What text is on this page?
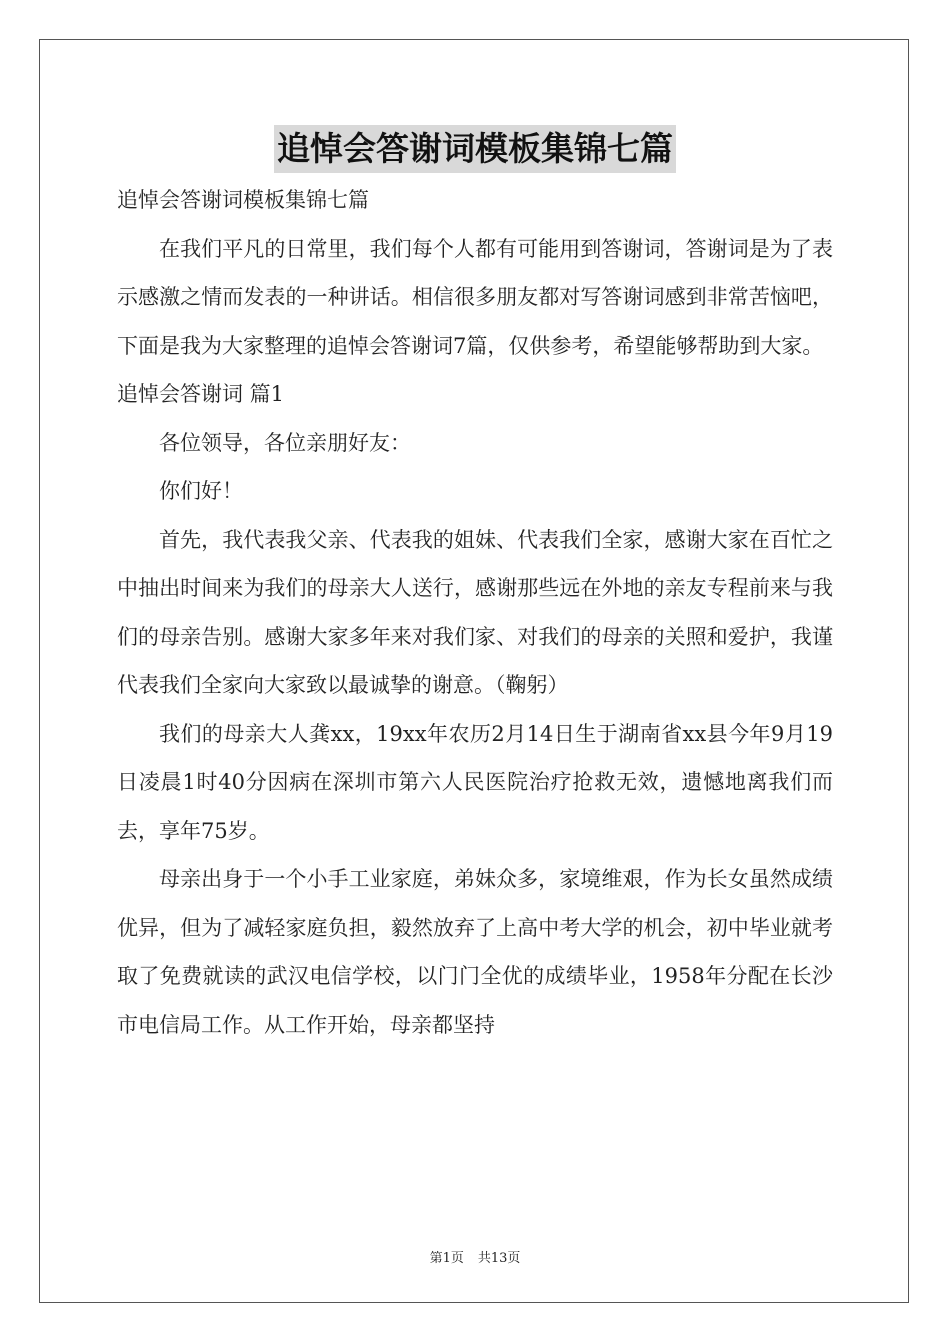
追悼会答谢词模板集锦七篇

追悼会答谢词模板集锦七篇

在我们平凡的日常里，我们每个人都有可能用到答谢词，答谢词是为了表示感激之情而发表的一种讲话。相信很多朋友都对写答谢词感到非常苦恼吧，下面是我为大家整理的追悼会答谢词7篇，仅供参考，希望能够帮助到大家。

追悼会答谢词 篇1

各位领导，各位亲朋好友：

你们好！

首先，我代表我父亲、代表我的姐妹、代表我们全家，感谢大家在百忙之中抽出时间来为我们的母亲大人送行，感谢那些远在外地的亲友专程前来与我们的母亲告别。感谢大家多年来对我们家、对我们的母亲的关照和爱护，我谨代表我们全家向大家致以最诚挚的谢意。（鞠躬）

我们的母亲大人龚xx，19xx年农历2月14日生于湖南省xx县今年9月19日凌晨1时40分因病在深圳市第六人民医院治疗抢救无效，遗憾地离我们而去，享年75岁。

母亲出身于一个小手工业家庭，弟妹众多，家境维艰，作为长女虽然成绩优异，但为了减轻家庭负担，毅然放弃了上高中考大学的机会，初中毕业就考取了免费就读的武汉电信学校，以门门全优的成绩毕业，1958年分配在长沙市电信局工作。从工作开始，母亲都坚持

第1页 共13页
